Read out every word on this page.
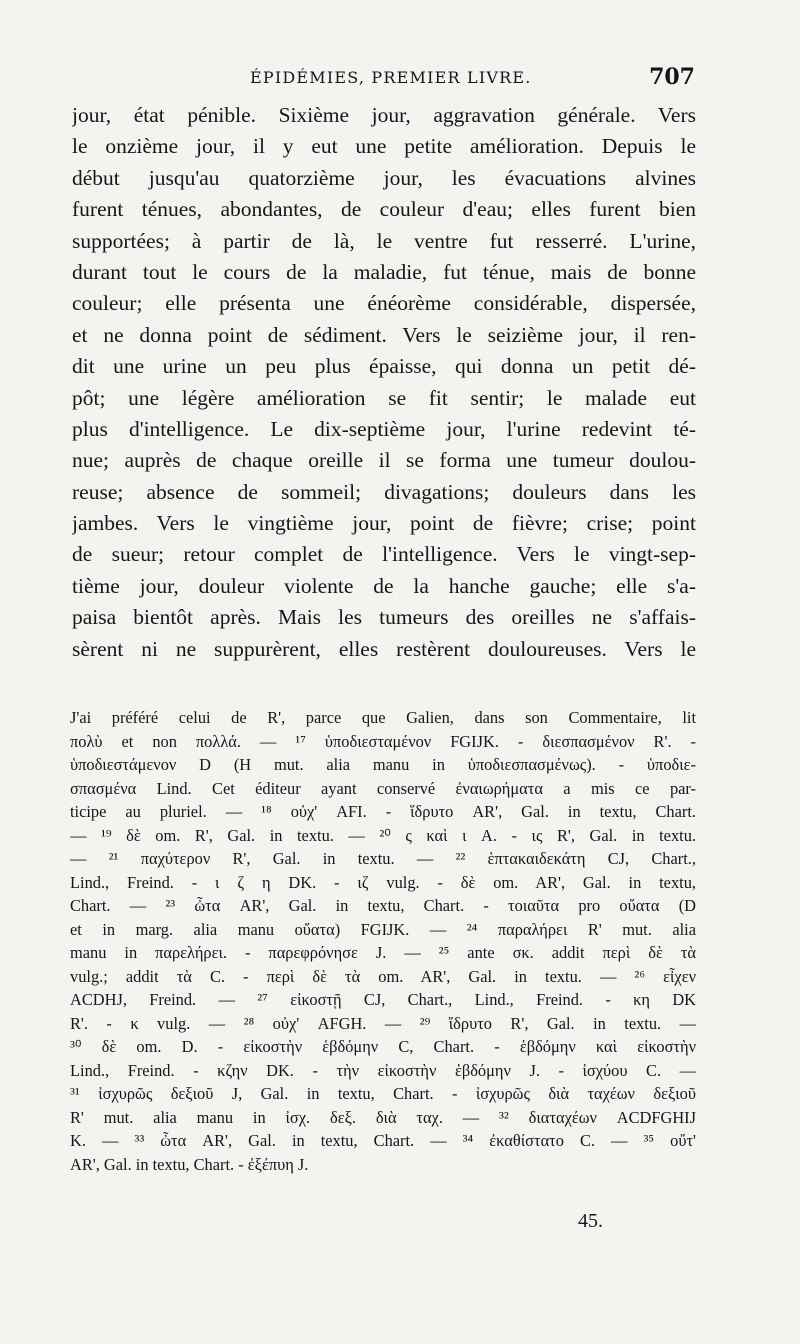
ÉPIDÉMIES, PREMIER LIVRE.	707
jour, état pénible. Sixième jour, aggravation générale. Vers
le onzième jour, il y eut une petite amélioration. Depuis le
début jusqu'au quatorzième jour, les évacuations alvines
furent ténues, abondantes, de couleur d'eau; elles furent bien
supportées; à partir de là, le ventre fut resserré. L'urine,
durant tout le cours de la maladie, fut ténue, mais de bonne
couleur; elle présenta une énéorème considérable, dispersée,
et ne donna point de sédiment. Vers le seizième jour, il ren-
dit une urine un peu plus épaisse, qui donna un petit dé-
pôt; une légère amélioration se fit sentir; le malade eut
plus d'intelligence. Le dix-septième jour, l'urine redevint té-
nue; auprès de chaque oreille il se forma une tumeur doulou-
reuse; absence de sommeil; divagations; douleurs dans les
jambes. Vers le vingtième jour, point de fièvre; crise; point
de sueur; retour complet de l'intelligence. Vers le vingt-sep-
tième jour, douleur violente de la hanche gauche; elle s'a-
paisa bientôt après. Mais les tumeurs des oreilles ne s'affais-
sèrent ni ne suppurèrent, elles restèrent douloureuses. Vers le
J'ai préféré celui de R', parce que Galien, dans son Commentaire, lit
πολὺ et non πολλά. — ¹⁷ ὑποδιεσταμένον FGIJK. - διεσπασμένον R'. -
ὑποδιεστάμενον D (H mut. alia manu in ὑποδιεσπασμένως). - ὑποδιε-
σπασμένα Lind. Cet éditeur ayant conservé ἐναιωρήματα a mis ce par-
ticipe au pluriel. — ¹⁸ οὐχ' AFI. - ἵδρυτο AR', Gal. in textu, Chart.
— ¹⁹ δὲ om. R', Gal. in textu. — ²⁰ ς καὶ ι A. - ις R', Gal. in textu.
— ²¹ παχύτερον R', Gal. in textu. — ²² ἑπτακαιδεκάτη CJ, Chart.,
Lind., Freind. - ι ζ η DK. - ιζ vulg. - δὲ om. AR', Gal. in textu,
Chart. — ²³ ὦτα AR', Gal. in textu, Chart. - τοιαῦτα pro οὔατα (D
et in marg. alia manu οὔατα) FGIJK. — ²⁴ παραλήρει R' mut. alia
manu in παρελήρει. - παρεφρόνησε J. — ²⁵ ante σκ. addit περὶ δὲ τὰ
vulg.; addit τὰ C. - περὶ δὲ τὰ om. AR', Gal. in textu. — ²⁶ εἶχεν
ACDHJ, Freind. — ²⁷ εἰκοστῇ CJ, Chart., Lind., Freind. - κη DK
R'. - κ vulg. — ²⁸ οὐχ' AFGH. — ²⁹ ἵδρυτο R', Gal. in textu. —
³⁰ δὲ om. D. - εἰκοστὴν ἑβδόμην C, Chart. - ἑβδόμην καὶ εἰκοστὴν
Lind., Freind. - κζην DK. - τὴν εἰκοστὴν ἑβδόμην J. - ἰσχύου C. —
³¹ ἰσχυρῶς δεξιοῦ J, Gal. in textu, Chart. - ἰσχυρῶς διὰ ταχέων δεξιοῦ
R' mut. alia manu in ἰσχ. δεξ. διὰ ταχ. — ³² διαταχέων ACDFGHIJ
K. — ³³ ὦτα AR', Gal. in textu, Chart. — ³⁴ ἐκαθίστατο C. — ³⁵ οὔτ'
AR', Gal. in textu, Chart. - ἐξέπυη J.
45.
